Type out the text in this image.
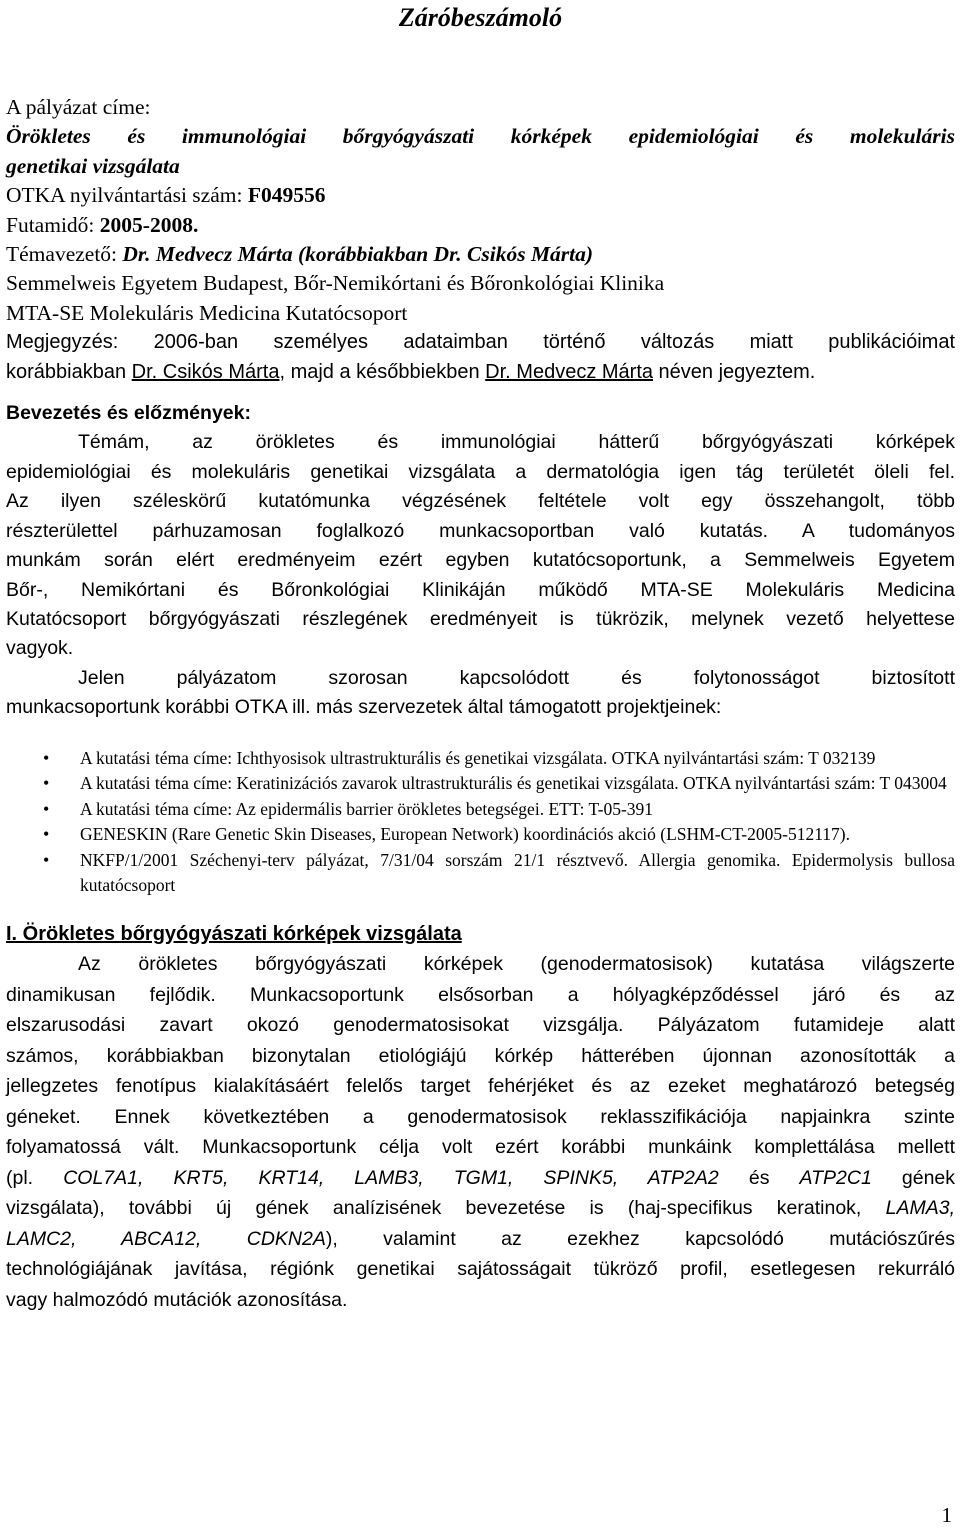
Záróbeszámoló
A pályázat címe:
Örökletes és immunológiai bőrgyógyászati kórképek epidemiológiai és molekuláris
genetikai vizsgálata
OTKA nyilvántartási szám: F049556
Futamidő: 2005-2008.
Témavezető: Dr. Medvecz Márta (korábbiakban Dr. Csikós Márta)
Semmelweis Egyetem Budapest, Bőr-Nemikórtani és Bőronkológiai Klinika
MTA-SE Molekuláris Medicina Kutatócsoport
Megjegyzés: 2006-ban személyes adataimban történő változás miatt publikációimat
korábbiakban Dr. Csikós Márta, majd a későbbiekben Dr. Medvecz Márta néven jegyeztem.
Bevezetés és előzmények:
Témám, az örökletes és immunológiai hátterű bőrgyógyászati kórképek
epidemiológiai és molekuláris genetikai vizsgálata a dermatológia igen tág területét öleli fel.
Az ilyen széleskörű kutatómunka végzésének feltétele volt egy összehangolt, több
részterülettel párhuzamosan foglalkozó munkacsoportban való kutatás. A tudományos
munkám során elért eredményeim ezért egyben kutatócsoportunk, a Semmelweis Egyetem
Bőr-, Nemikórtani és Bőronkológiai Klinikáján működő MTA-SE Molekuláris Medicina
Kutatócsoport bőrgyógyászati részlegének eredményeit is tükrözik, melynek vezető helyettese
vagyok.
Jelen pályázatom szorosan kapcsolódott és folytonosságot biztosított
munkacsoportunk korábbi OTKA ill. más szervezetek által támogatott projektjeinek:
• A kutatási téma címe: Ichthyosisok ultrastrukturális és genetikai vizsgálata. OTKA nyilvántartási szám: T 032139
• A kutatási téma címe: Keratinizációs zavarok ultrastrukturális és genetikai vizsgálata. OTKA nyilvántartási szám: T 043004
• A kutatási téma címe: Az epidermális barrier örökletes betegségei. ETT: T-05-391
• GENESKIN (Rare Genetic Skin Diseases, European Network) koordinációs akció (LSHM-CT-2005-512117).
• NKFP/1/2001 Széchenyi-terv pályázat, 7/31/04 sorszám 21/1 résztvevő. Allergia genomika. Epidermolysis bullosa kutatócsoport
I. Örökletes bőrgyógyászati kórképek vizsgálata
Az örökletes bőrgyógyászati kórképek (genodermatosisok) kutatása világszerte
dinamikusan fejlődik. Munkacsoportunk elsősorban a hólyagképződéssel járó és az
elszarusodási zavart okozó genodermatosisokat vizsgálja. Pályázatom futamideje alatt
számos, korábbiakban bizonytalan etiológiájú kórkép hátterében újonnan azonosították a
jellegzetes fenotípus kialakításáért felelős target fehérjéket és az ezeket meghatározó betegség
géneket. Ennek következtében a genodermatosisok reklasszifikációja napjainkra szinte
folyamatossá vált. Munkacsoportunk célja volt ezért korábbi munkáink komplettálása mellett
(pl. COL7A1, KRT5, KRT14, LAMB3, TGM1, SPINK5, ATP2A2 és ATP2C1 gének
vizsgálata), további új gének analízisének bevezetése is (haj-specifikus keratinok, LAMA3,
LAMC2, ABCA12, CDKN2A), valamint az ezekhez kapcsolódó mutációszűrés
technológiájának javítása, régiónk genetikai sajátosságait tükröző profil, esetlegesen rekurráló
vagy halmozódó mutációk azonosítása.
1
